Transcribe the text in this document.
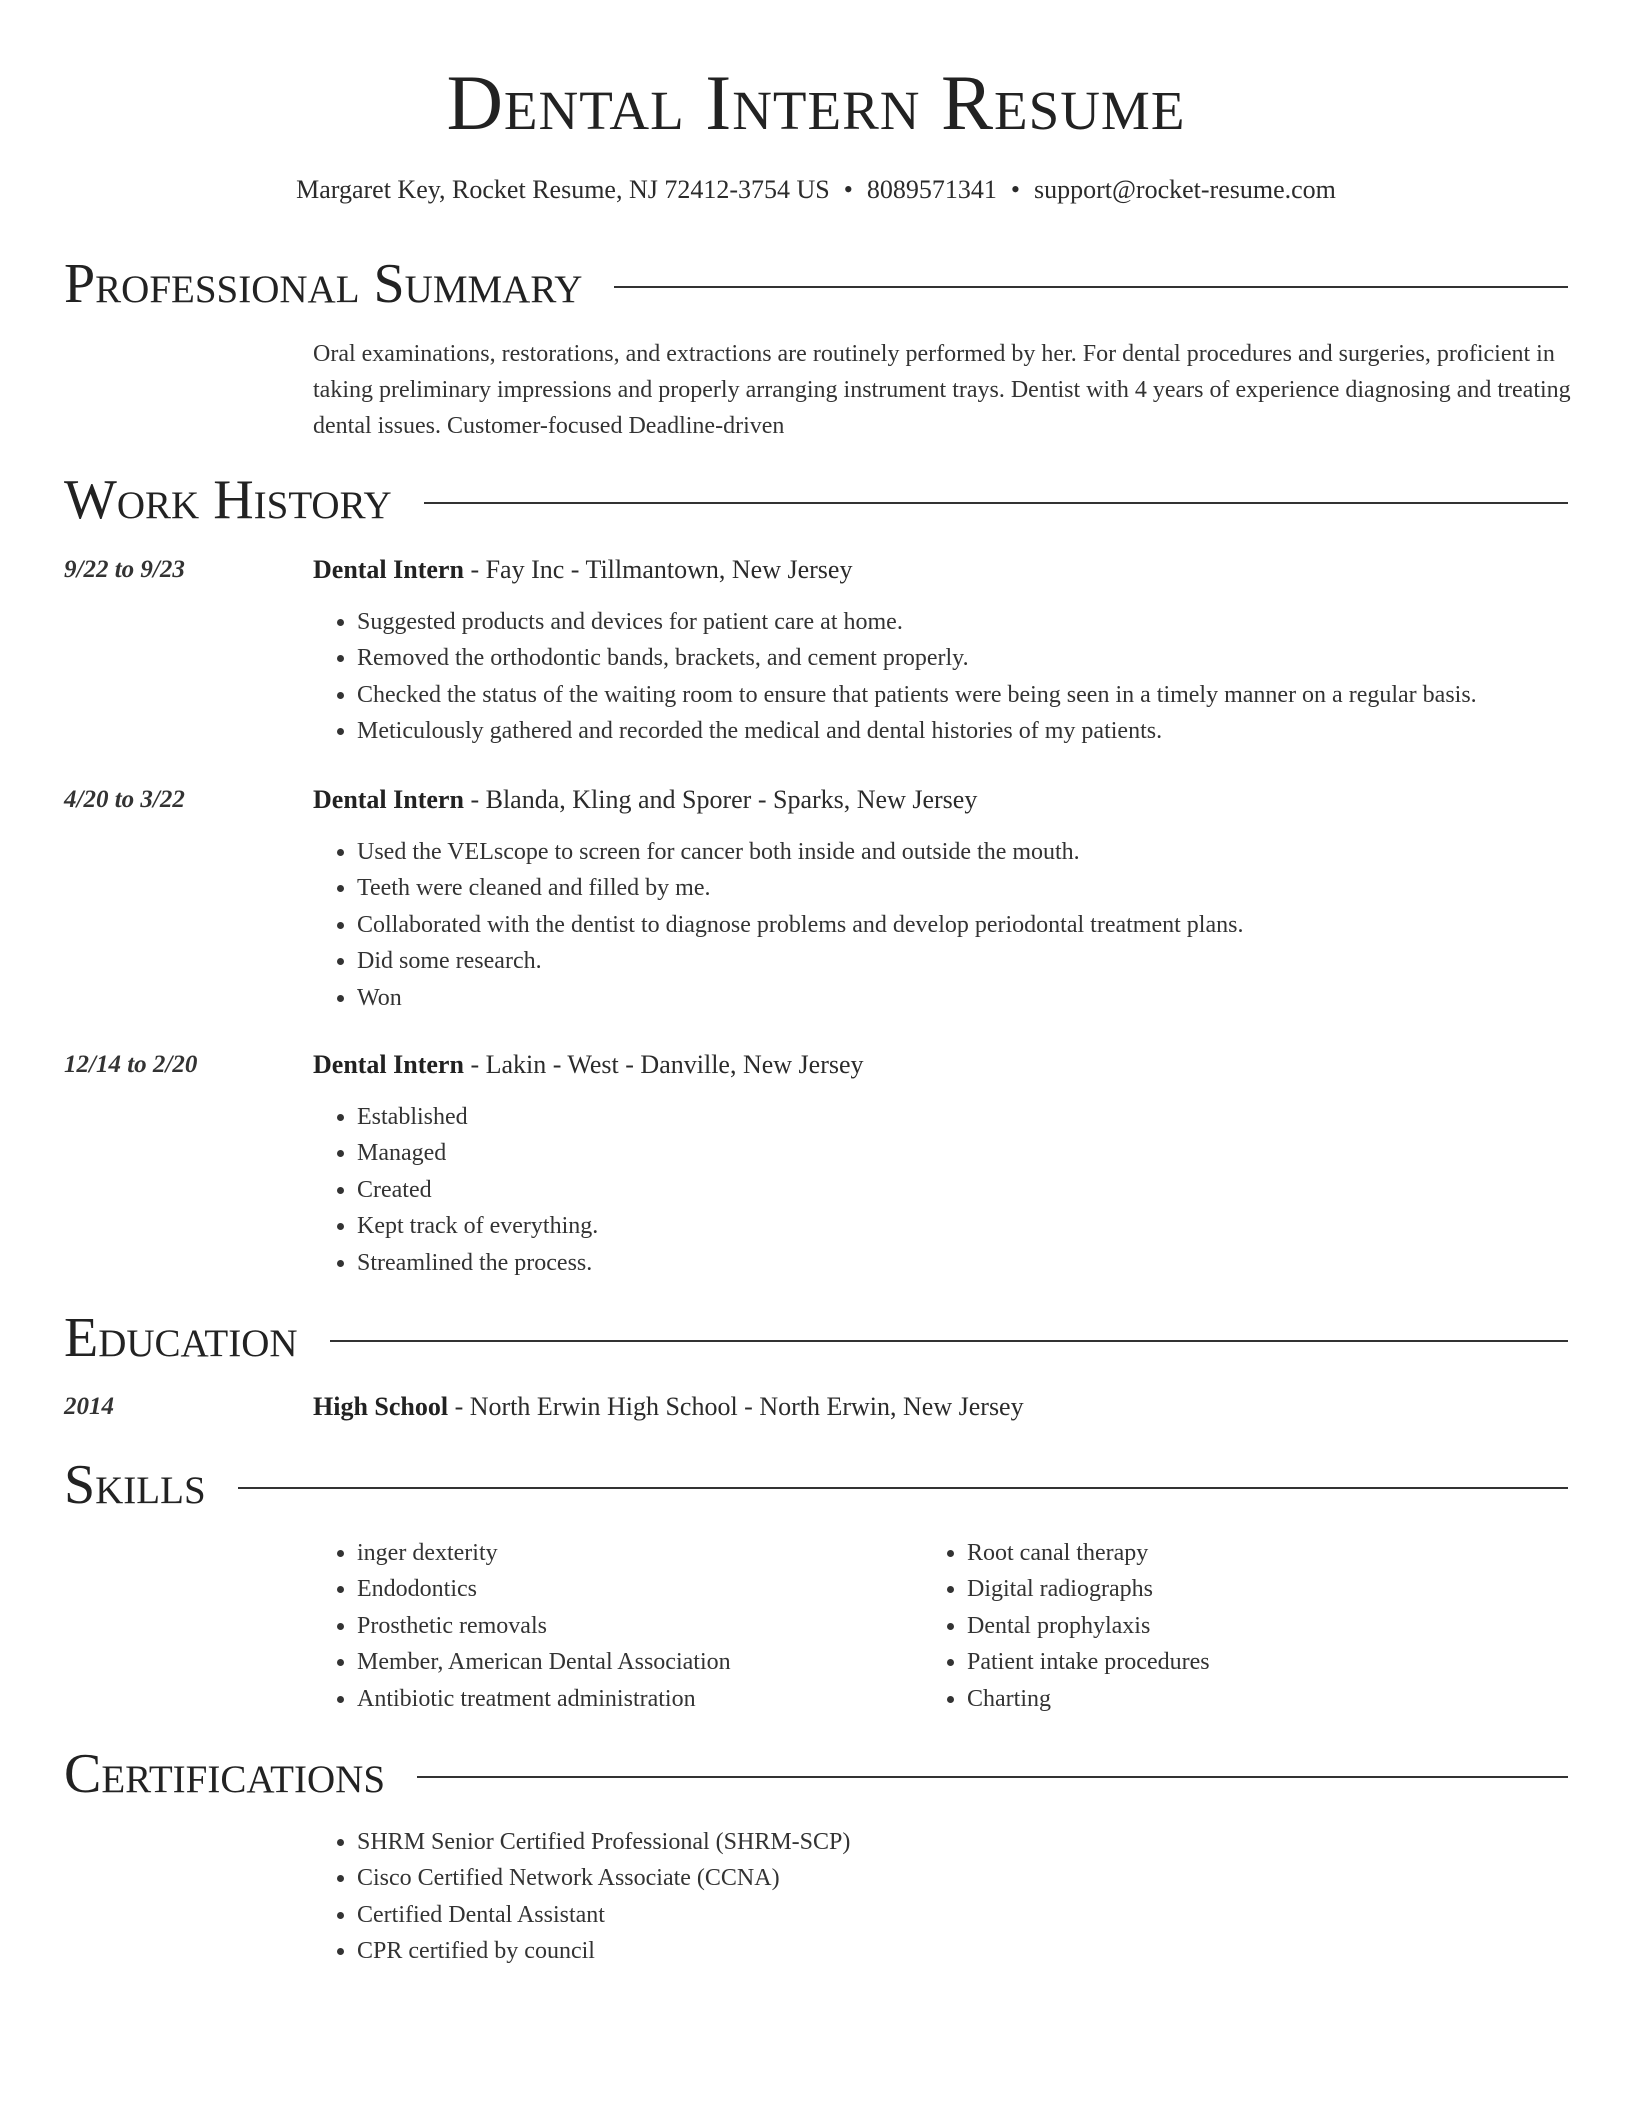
Dental Intern Resume
Margaret Key, Rocket Resume, NJ 72412-3754 US • 8089571341 • support@rocket-resume.com
Professional Summary

Oral examinations, restorations, and extractions are routinely performed by her. For dental procedures and surgeries, proficient in taking preliminary impressions and properly arranging instrument trays. Dentist with 4 years of experience diagnosing and treating dental issues. Customer-focused Deadline-driven

Work History
9/22 to 9/23	Dental Intern - Fay Inc - Tillmantown, New Jersey
• Suggested products and devices for patient care at home.
• Removed the orthodontic bands, brackets, and cement properly.
• Checked the status of the waiting room to ensure that patients were being seen in a timely manner on a regular basis.
• Meticulously gathered and recorded the medical and dental histories of my patients.
4/20 to 3/22	Dental Intern - Blanda, Kling and Sporer - Sparks, New Jersey
• Used the VELscope to screen for cancer both inside and outside the mouth.
• Teeth were cleaned and filled by me.
• Collaborated with the dentist to diagnose problems and develop periodontal treatment plans.
• Did some research.
• Won
12/14 to 2/20	Dental Intern - Lakin - West - Danville, New Jersey
• Established
• Managed
• Created
• Kept track of everything.
• Streamlined the process.
Education
2014	High School - North Erwin High School - North Erwin, New Jersey
Skills
• inger dexterity
• Endodontics
• Prosthetic removals
• Member, American Dental Association
• Antibiotic treatment administration
• Root canal therapy
• Digital radiographs
• Dental prophylaxis
• Patient intake procedures
• Charting
Certifications
• SHRM Senior Certified Professional (SHRM-SCP)
• Cisco Certified Network Associate (CCNA)
• Certified Dental Assistant
• CPR certified by council
